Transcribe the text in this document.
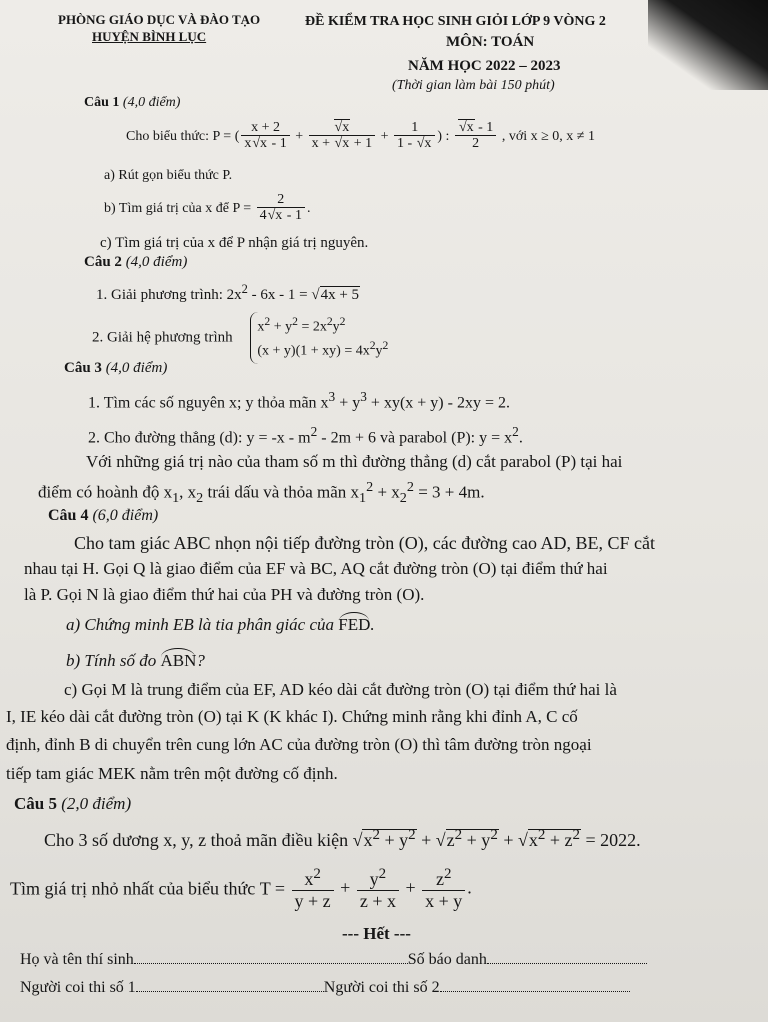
PHÒNG GIÁO DỤC VÀ ĐÀO TẠO
HUYỆN BÌNH LỤC
ĐỀ KIỂM TRA HỌC SINH GIỎI LỚP 9 VÒNG 2
MÔN: TOÁN
NĂM HỌC 2022 – 2023
(Thời gian làm bài 150 phút)
Câu 1 (4,0 điểm)
Cho biểu thức: P = ( $\frac{x + 2}{x√x - 1} + \frac{√x}{x + √x + 1} + \frac{1}{1 - √x}$ ) : $\frac{√x - 1}{2}$ , với x ≥ 0, x ≠ 1
a) Rút gọn biểu thức P.
b) Tìm giá trị của x để $P = \frac{2}{4√x - 1}$ .
c) Tìm giá trị của x để P nhận giá trị nguyên.
Câu 2 (4,0 điểm)
1. Giải phương trình: $2x^2 - 6x - 1 = √4x + 5$
2. Giải hệ phương trình $x^2 + y^2 = 2x^2y^2$
$(x + y)(1 + xy) = 4x^2y^2$
Câu 3 (4,0 điểm)
1. Tìm các số nguyên x; y thỏa mãn $x^3 + y^3 + xy(x + y) - 2xy = 2$.
2. Cho đường thẳng (d): $y = -x - m^2 - 2m + 6$ và parabol (P): $y = x^2$.
Với những giá trị nào của tham số m thì đường thẳng (d) cắt parabol (P) tại hai
điểm có hoành độ $x_1$, $x_2$ trái dấu và thỏa mãn $x_1^2 + x_2^2 = 3 + 4m$.
Câu 4 (6,0 điểm)
Cho tam giác ABC nhọn nội tiếp đường tròn (O), các đường cao AD, BE, CF cắt
nhau tại H. Gọi Q là giao điểm của EF và BC, AQ cắt đường tròn (O) tại điểm thứ hai
là P. Gọi N là giao điểm thứ hai của PH và đường tròn (O).
a) Chứng minh EB là tia phân giác của FED.
b) Tính số đo ABN?
c) Gọi M là trung điểm của EF, AD kéo dài cắt đường tròn (O) tại điểm thứ hai là
I, IE kéo dài cắt đường tròn (O) tại K (K khác I). Chứng minh rằng khi đỉnh A, C cố
định, đỉnh B di chuyển trên cung lớn AC của đường tròn (O) thì tâm đường tròn ngoại
tiếp tam giác MEK nằm trên một đường cố định.
Câu 5 (2,0 điểm)
Cho 3 số dương x, y, z thoả mãn điều kiện $√x^2 + y^2 + √z^2 + y^2 + √x^2 + z^2 = 2022$.
Tìm giá trị nhỏ nhất của biểu thức $T = \frac{x^2}{y + z} + \frac{y^2}{z + x} + \frac{z^2}{x + y}$ .
--- Hết ---
Họ và tên thí sinh	Số báo danh
Người coi thi số 1	Người coi thi số 2
